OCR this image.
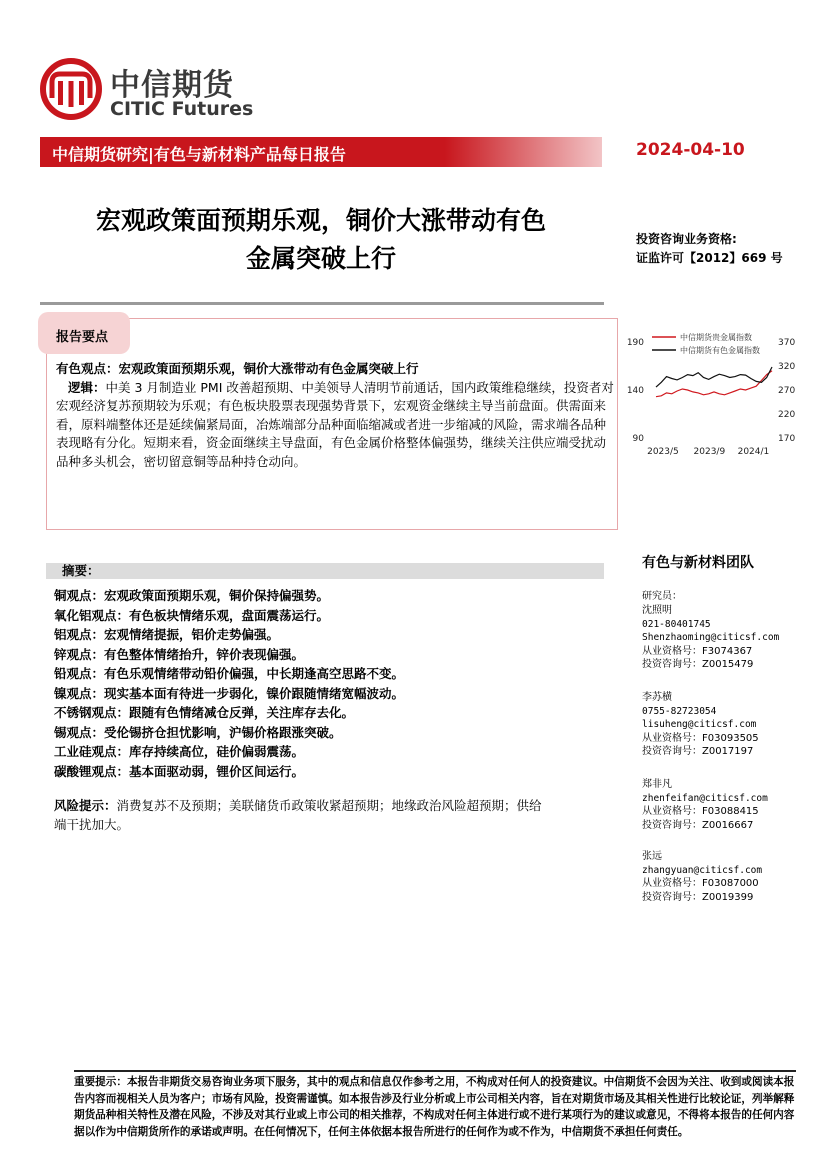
中信期货
CITIC Futures
中信期货研究|有色与新材料产品每日报告	2024-04-10
宏观政策面预期乐观，铜价大涨带动有色
金属突破上行
投资咨询业务资格:
证监许可【2012】669 号
报告要点
有色观点：宏观政策面预期乐观，铜价大涨带动有色金属突破上行
逻辑：中美 3 月制造业 PMI 改善超预期、中美领导人清明节前通话，国内政策维稳继续，投资者对宏观经济复苏预期较为乐观；有色板块股票表现强势背景下，宏观资金继续主导当前盘面。供需面来看，原料端整体还是延续偏紧局面，冶炼端部分品种面临缩减或者进一步缩减的风险，需求端各品种表现略有分化。短期来看，资金面继续主导盘面，有色金属价格整体偏强势，继续关注供应端受扰动品种多头机会，密切留意铜等品种持仓动向。
中信期货贵金属指数
中信期货有色金属指数
190
140
90
370
320
270
220
170
2023/5 2023/9 2024/1
摘要：
铜观点：宏观政策面预期乐观，铜价保持偏强势。
氧化铝观点：有色板块情绪乐观，盘面震荡运行。
铝观点：宏观情绪提振，铝价走势偏强。
锌观点：有色整体情绪抬升，锌价表现偏强。
铅观点：有色乐观情绪带动铅价偏强，中长期逢高空思路不变。
镍观点：现实基本面有待进一步弱化，镍价跟随情绪宽幅波动。
不锈钢观点：跟随有色情绪减仓反弹，关注库存去化。
锡观点：受伦锡挤仓担忧影响，沪锡价格跟涨突破。
工业硅观点：库存持续高位，硅价偏弱震荡。
碳酸锂观点：基本面驱动弱，锂价区间运行。
风险提示：消费复苏不及预期；美联储货币政策收紧超预期；地缘政治风险超预期；供给端干扰加大。
有色与新材料团队
研究员：
沈照明
021-80401745
Shenzhaoming@citicsf.com
从业资格号：F3074367
投资咨询号：Z0015479
李苏横
0755-82723054
lisuheng@citicsf.com
从业资格号：F03093505
投资咨询号：Z0017197
郑非凡
zhenfeifan@citicsf.com
从业资格号：F03088415
投资咨询号：Z0016667
张远
zhangyuan@citicsf.com
从业资格号：F03087000
投资咨询号：Z0019399
重要提示：本报告非期货交易咨询业务项下服务，其中的观点和信息仅作参考之用，不构成对任何人的投资建议。中信期货不会因为关注、收到或阅读本报告内容而视相关人员为客户；市场有风险，投资需谨慎。如本报告涉及行业分析或上市公司相关内容，旨在对期货市场及其相关性进行比较论证，列举解释期货品种相关特性及潜在风险，不涉及对其行业或上市公司的相关推荐，不构成对任何主体进行或不进行某项行为的建议或意见，不得将本报告的任何内容据以作为中信期货所作的承诺或声明。在任何情况下，任何主体依据本报告所进行的任何作为或不作为，中信期货不承担任何责任。
